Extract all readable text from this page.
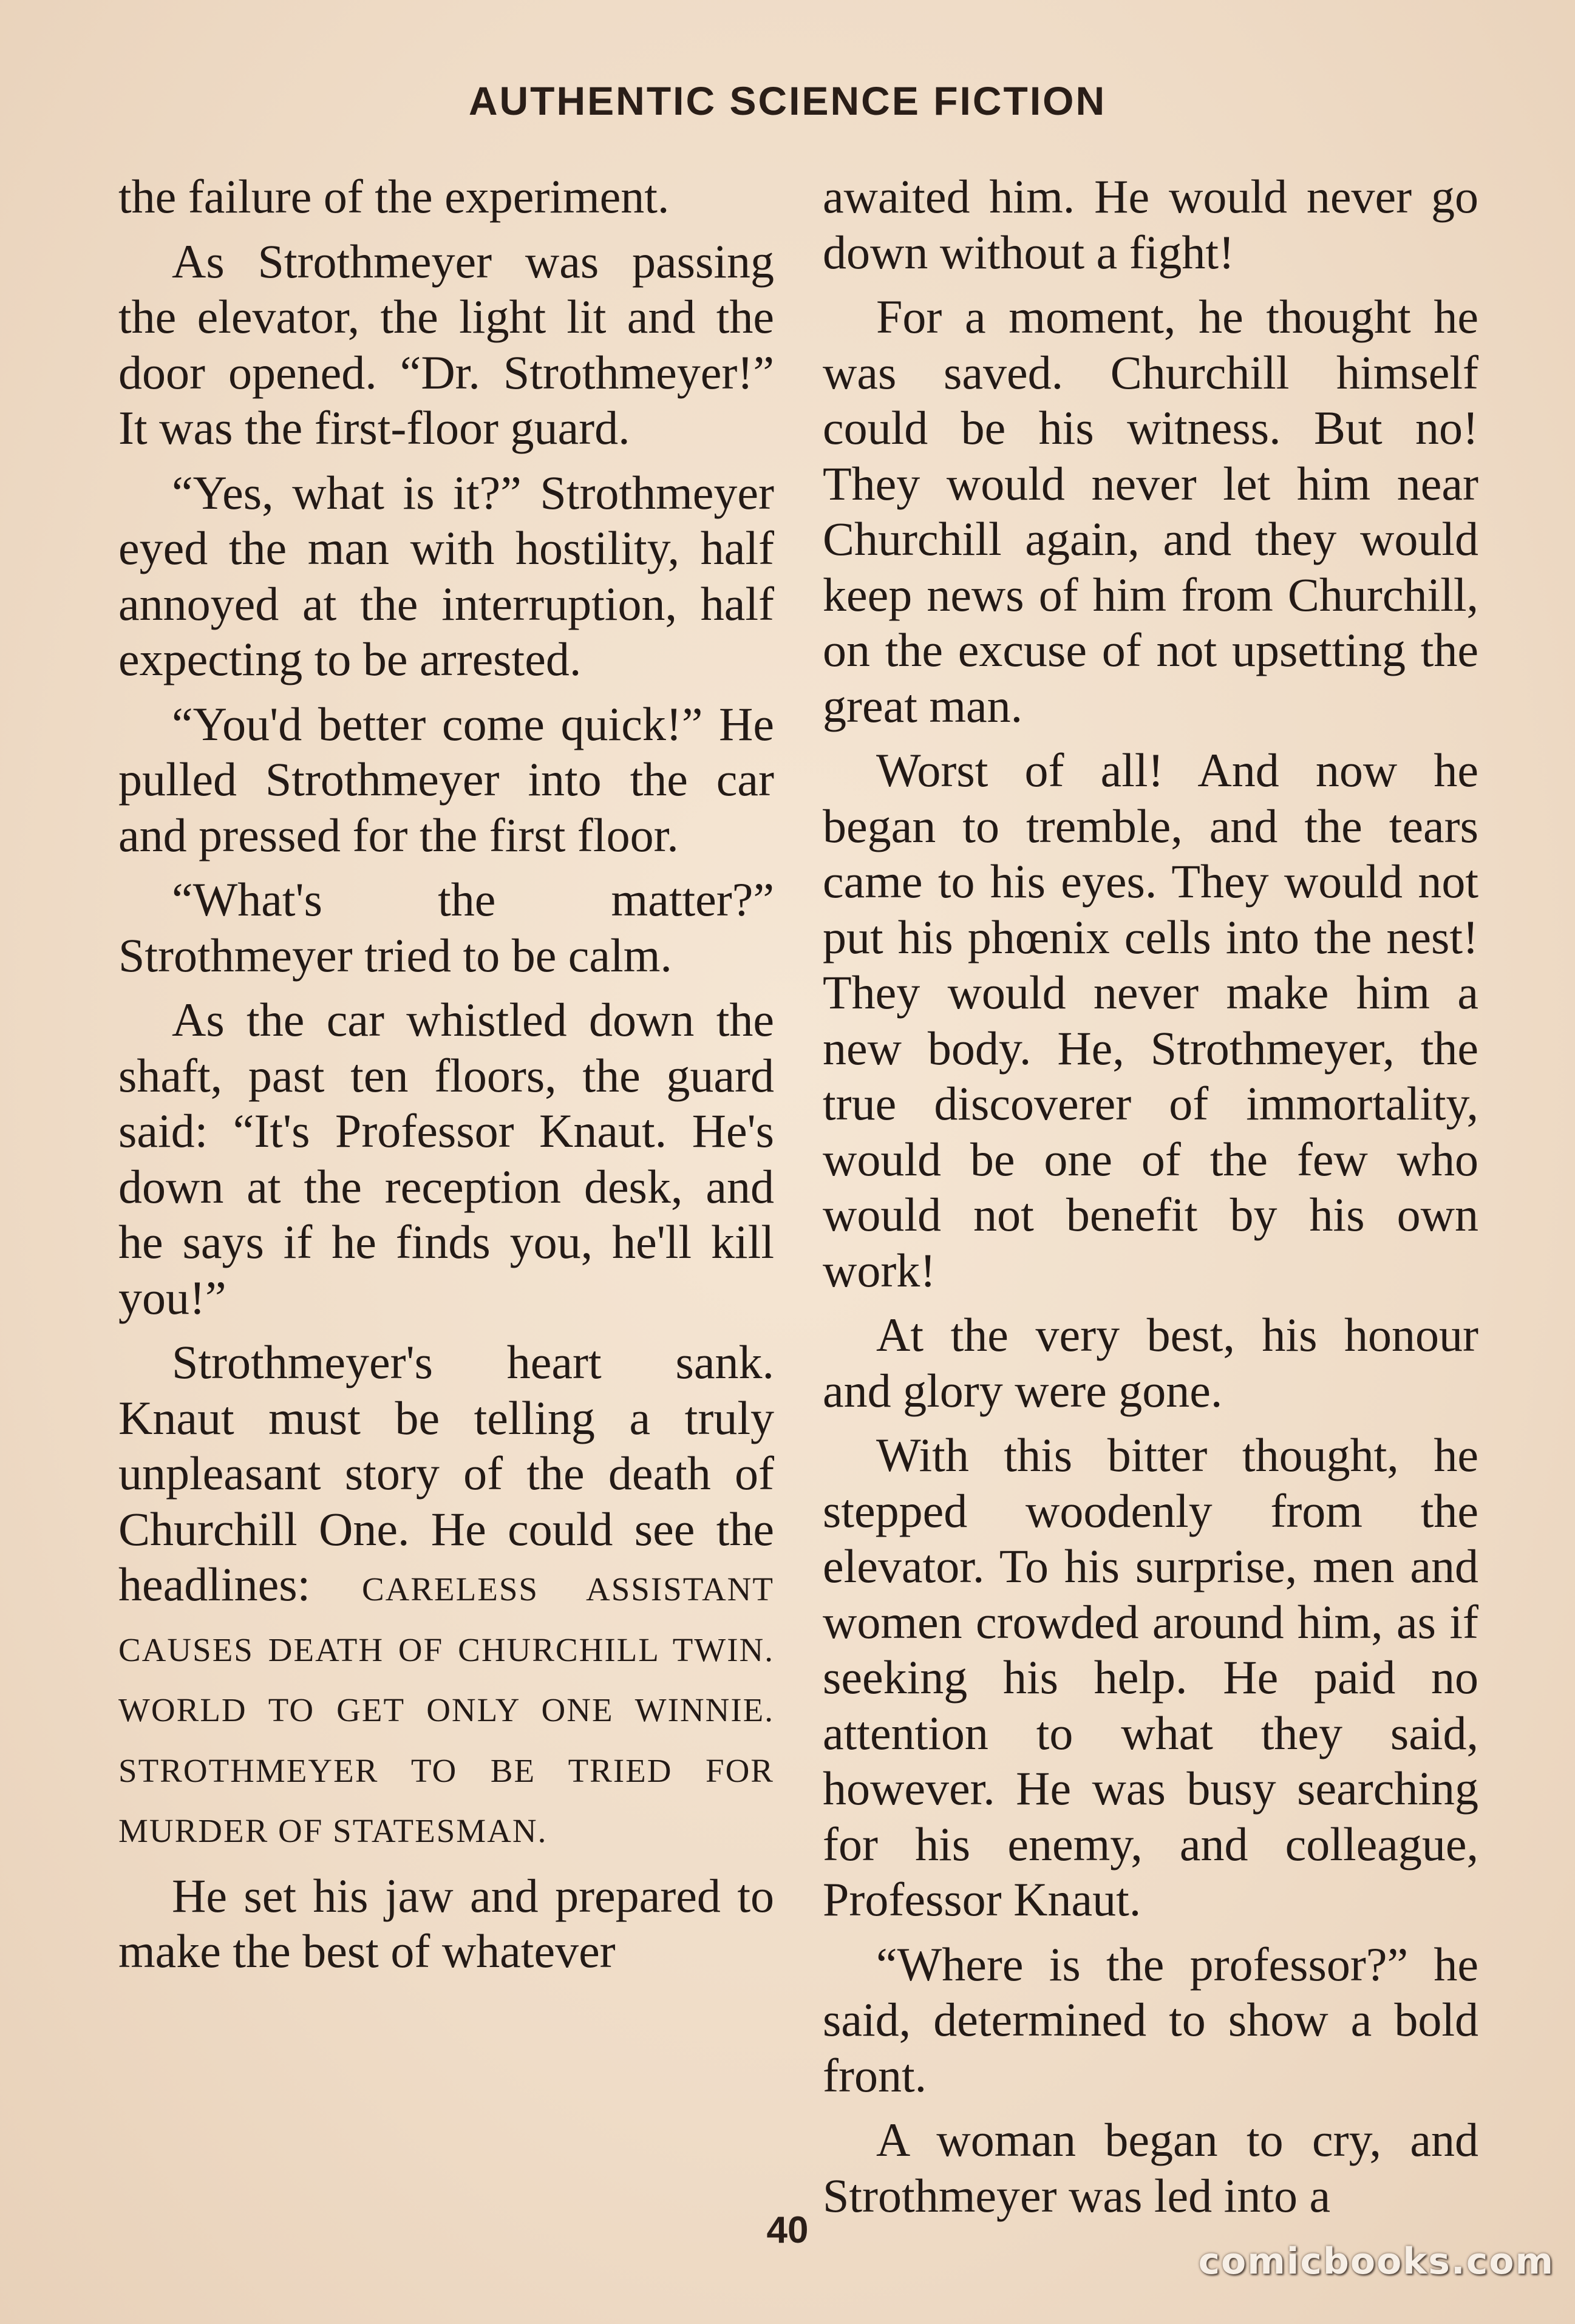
AUTHENTIC SCIENCE FICTION

the failure of the experiment.

As Strothmeyer was passing the elevator, the light lit and the door opened. “Dr. Strothmeyer!” It was the first-floor guard.

“Yes, what is it?” Strothmeyer eyed the man with hostility, half annoyed at the interruption, half expecting to be arrested.

“You'd better come quick!” He pulled Strothmeyer into the car and pressed for the first floor.

“What's the matter?” Strothmeyer tried to be calm.

As the car whistled down the shaft, past ten floors, the guard said: “It's Professor Knaut. He's down at the reception desk, and he says if he finds you, he'll kill you!”

Strothmeyer's heart sank. Knaut must be telling a truly unpleasant story of the death of Churchill One. He could see the headlines: CARELESS ASSISTANT CAUSES DEATH OF CHURCHILL TWIN. WORLD TO GET ONLY ONE WINNIE. STROTHMEYER TO BE TRIED FOR MURDER OF STATESMAN.

He set his jaw and prepared to make the best of whatever

awaited him. He would never go down without a fight!

For a moment, he thought he was saved. Churchill himself could be his witness. But no! They would never let him near Churchill again, and they would keep news of him from Churchill, on the excuse of not upsetting the great man.

Worst of all! And now he began to tremble, and the tears came to his eyes. They would not put his phœnix cells into the nest! They would never make him a new body. He, Strothmeyer, the true discoverer of immortality, would be one of the few who would not benefit by his own work!

At the very best, his honour and glory were gone.

With this bitter thought, he stepped woodenly from the elevator. To his surprise, men and women crowded around him, as if seeking his help. He paid no attention to what they said, however. He was busy searching for his enemy, and colleague, Professor Knaut.

“Where is the professor?” he said, determined to show a bold front.

A woman began to cry, and Strothmeyer was led into a

40
comicbooks.com
